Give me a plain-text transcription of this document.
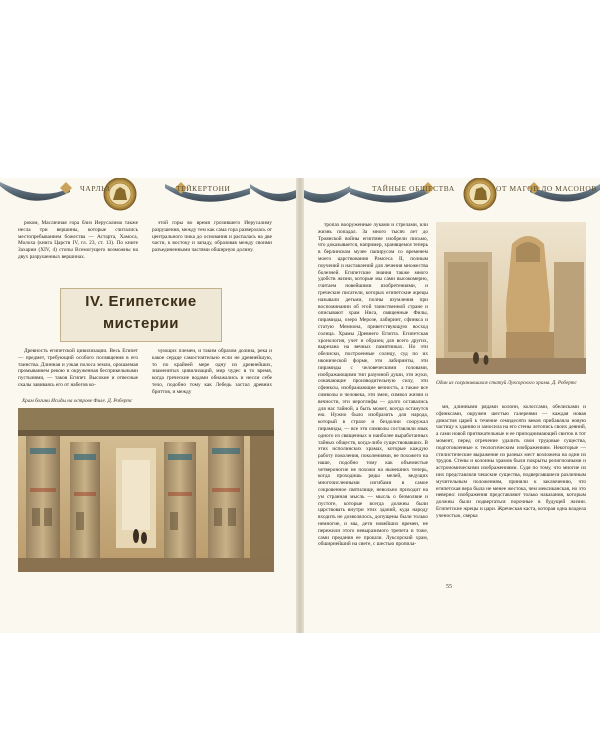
ЧАРЛЬЗ	ТЕЙКЕРТОНИ	ТАЙНЫЕ ОБЩЕСТВА	ОТ МАГОВ ДО МАСОНОВ

роком, Масличная гора близ Иерусалима также несла три вершины, которые считались местопребыванием божества — Астарта, Хамоса, Молоха (книга Царств IV, гл. 23, ст. 13). По книге Захарии (XIV, 4) стопы Всемогущего возможны на двух разрушенных вершинах.

этой горы во время грозившего Иерусалиму разрушения, между тем как сама гора разверзлась от центрального пика до основания и распалась на две части, к востоку и западу, образовав между своими разъединенными частями обширную долину.

IV. Египетские
мистерии

Древность египетской цивилизации. Весь Египет — предмет, требующий особого посвящения в его таинства. Длинная и узкая полоса земли, орошаемая промыванием рекою и окруженная бесприкельными пустынями, — таков Египет. Высокие и отвесные скалы завиваясь его от набегов ко-

чующих племен, и таким образом долина, река и какое сердце самостоятельно если не древнейшую, то по крайней мере одну из древнейших, знаменитых цивилизаций, мир чудес в то время, когда греческие водами обнажались и несли себе тело, подобно тому как Лебедь застал древних бриттов, и между

Храм богини Исиды на острове Филе. Д. Робертс
Один из сохранившихся статуй Луксорского храма. Д. Робертс

тропах вооруженные луками и стрелами, или жизнь попадал. За много тысяч лет до Троянской войны египтяне изобрели письмо, что доказывается, например, хранящемся теперь в берлинском музее папирусом со временем моего царствования Рамсеса II, полным поучений и наставлений для лечения множества болезней. Египетские знания также много удобств жизни, которые мы сами высокомерно, считаем новейшими изобретениями, и греческие писатели, которых египетские жрецы называли детьми, полны изумления при воспоминании об этой таинственной стране и описывают храм Ниса, священные Филы, пирамиды, озеро Мерозе, лабиринт, сфинкса и статую Мемнона, приветствующую восход солнца. Храмы Древнего Египта. Египетская хронология, учет и образец для всего других, вырезана на вечных памятниках. Но эти обелиски, построенные солнцу, суд по их иконической форме, эти лабиринты, эти пирамиды с человеческими головами, изображающими тип разумной души, эти жуки, означающие производительную силу, эти сфинксы, изображающие вечность, а также все символы и человека, эти змеи, символ жизни и вечности, эти иероглифы — долго оставались для нас тайной, а быть может, всегда останутся ею. Нужно было изобразить для народа, который в страхе и бездолии сооружал пирамиды, — все эти символы составляли язык одного из священных и наиболее выработанных тайных обществ, когда-либо существовавших. В этих исполинских храмах, которые каждую работу поколения, поколениями, не похожего на наше, подобно тому как объемистые четвероногие не похожи на нынешних теперь, когда проходишь ряды мелей, ведущих многочисленными изгибами в самое сокровенное святилище, невольно приходит на ум странная мысль — мысль о безмолвие и пустоте, которые всегда должны были царствовать внутри этих зданий, куда народу входить не дозволялось, допущены были только немногие, и мы, дети новейших времен, не пережили этого невыразимого трепета и тоже, сами предания ее прошли. Луксорский храм, обширнейший на свете, с шестью пропила-

ми, длинными рядами колонн, колоссами, обелисками и сфинксами, окружен шестью галереями — каждая новая династия царей к течение семидесяти веков прибавляла новую частицу к зданию и заносила на его стены летопись своих деяний, а сами новой притяжательные и ее приподнимающей свиток в тот момент, перед отречение удалить свои трудовые существа, подготовленные к теологическим изображениям. Некоторые — стилистические выражение из разных мест возложена на один из трудов. Стены и колонны храмов были покрыты религиозными и астрономическими изображениями. Судя по тому, что многие из них представляли чешские существа, подвергавшиеся различным мучительным положениям, приняли к заключению, что египетская вера была не менее жестока, чем мексиканская, но это неверно: изображения представляют только наказания, которым должны были подвергаться порочные в будущей жизни. Египетские жрецы и цари. Жреческая каста, которая одна владела ученостью, сверка

55
